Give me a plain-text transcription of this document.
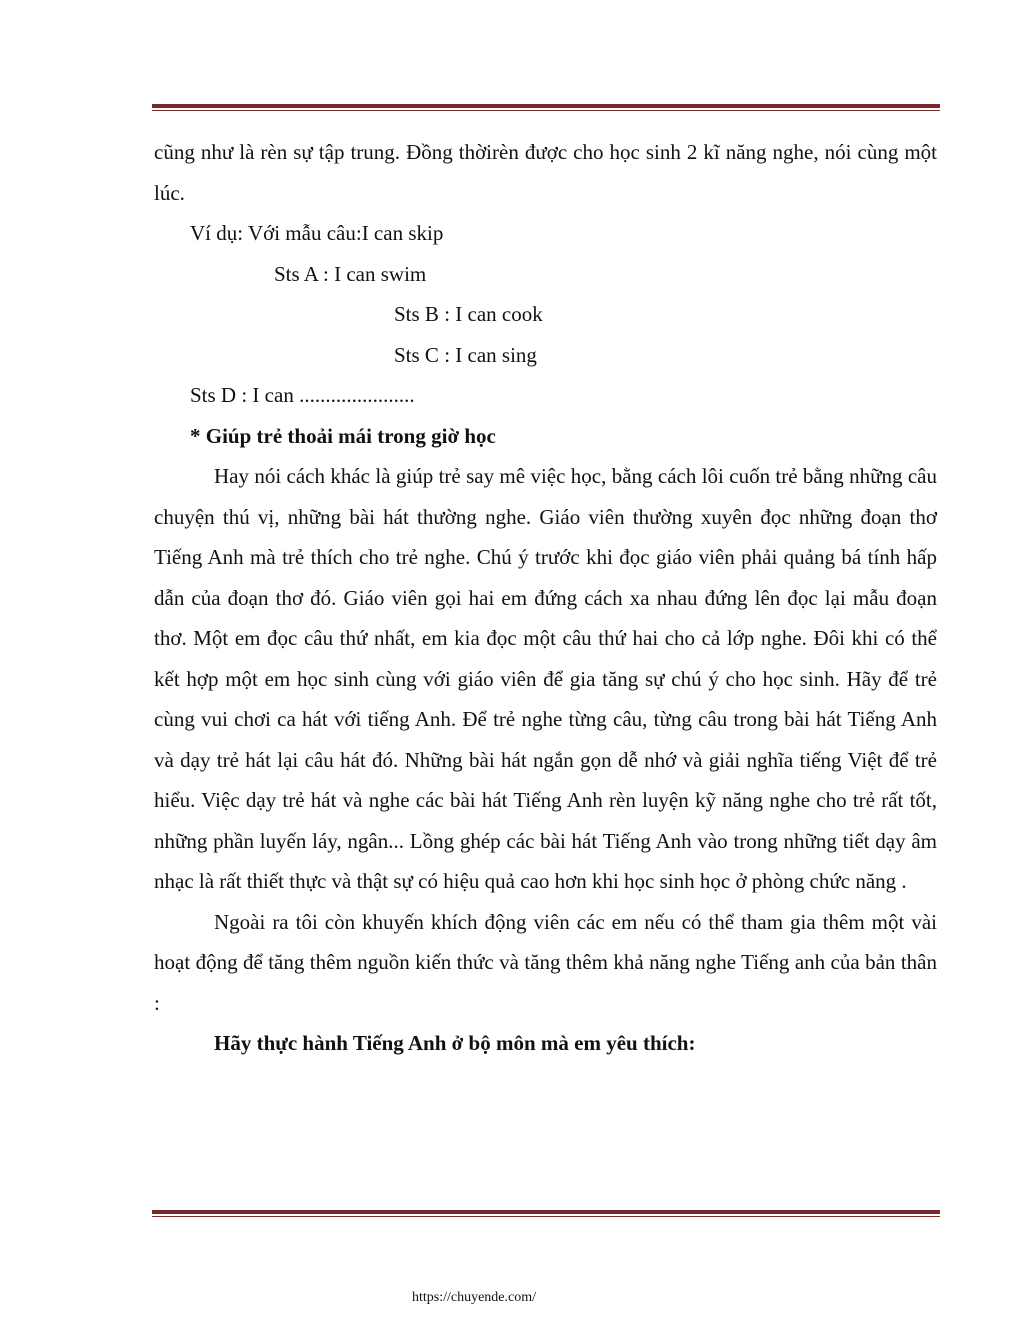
cũng như là rèn sự tập trung. Đồng thờirèn được cho học sinh 2 kĩ năng nghe, nói cùng một lúc.

Ví dụ: Với mẫu câu:I can skip

Sts A : I can swim

Sts B : I can cook

Sts C : I can sing

Sts D : I can ......................

* Giúp trẻ thoải mái trong giờ học

Hay nói cách khác là giúp trẻ say mê việc học, bằng cách lôi cuốn trẻ bằng những câu chuyện thú vị, những bài hát thường nghe. Giáo viên thường xuyên đọc những đoạn thơ Tiếng Anh mà trẻ thích cho trẻ nghe. Chú ý trước khi đọc giáo viên phải quảng bá tính hấp dẫn của đoạn thơ đó. Giáo viên gọi hai em đứng cách xa nhau đứng lên đọc lại mẫu đoạn thơ. Một em đọc câu thứ nhất, em kia đọc một câu thứ hai cho cả lớp nghe. Đôi khi có thể kết hợp một em học sinh cùng với giáo viên để gia tăng sự chú ý cho học sinh. Hãy để trẻ cùng vui chơi ca hát với tiếng Anh. Để trẻ nghe từng câu, từng câu trong bài hát Tiếng Anh và dạy trẻ hát lại câu hát đó. Những bài hát ngắn gọn dễ nhớ và giải nghĩa tiếng Việt để trẻ hiểu. Việc dạy trẻ hát và nghe các bài hát Tiếng Anh rèn luyện kỹ năng nghe cho trẻ rất tốt, những phần luyến láy, ngân... Lồng ghép các bài hát Tiếng Anh vào trong những tiết dạy âm nhạc là rất thiết thực và thật sự có hiệu quả cao hơn khi học sinh học ở phòng chức năng .

Ngoài ra tôi còn khuyến khích động viên các em nếu có thể tham gia thêm một vài hoạt động để tăng thêm nguồn kiến thức và tăng thêm khả năng nghe Tiếng anh của bản thân :

Hãy thực hành Tiếng Anh ở bộ môn mà em yêu thích:

https://chuyende.com/
